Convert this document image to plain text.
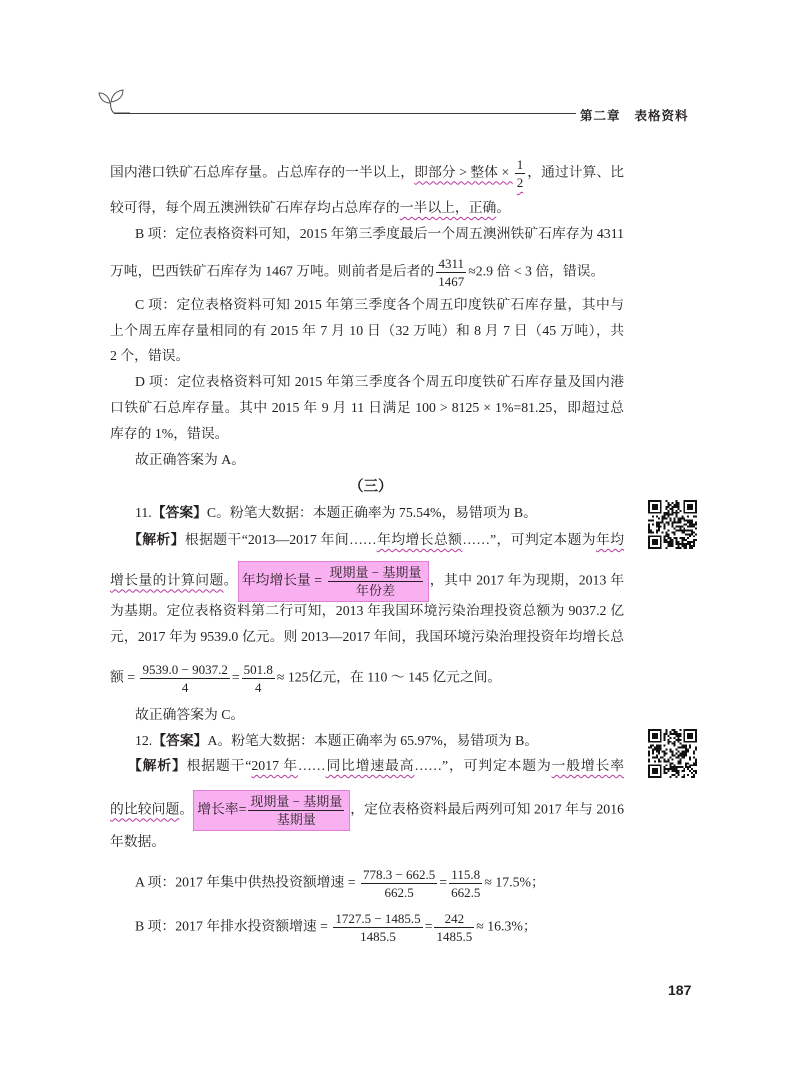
第二章 表格资料
国内港口铁矿石总库存量。占总库存的一半以上，即部分 > 整体 × $\frac{1}{2}$ ，通过计算、比
较可得，每个周五澳洲铁矿石库存均占总库存的一半以上，正确。
B 项：定位表格资料可知，2015 年第三季度最后一个周五澳洲铁矿石库存为 4311
万吨，巴西铁矿石库存为 1467 万吨。则前者是后者的 $\frac{4311}{1467} \approx 2.9$ 倍 < 3 倍，错误。
C 项：定位表格资料可知 2015 年第三季度各个周五印度铁矿石库存量，其中与
上个周五库存量相同的有 2015 年 7 月 10 日（32 万吨）和 8 月 7 日（45 万吨），共
2 个，错误。
D 项：定位表格资料可知 2015 年第三季度各个周五印度铁矿石库存量及国内港
口铁矿石总库存量。其中 2015 年 9 月 11 日满足 100 > 8125 × 1%=81.25，即超过总
库存的 1%，错误。
故正确答案为 A。
（三）
11.【答案】C。粉笔大数据：本题正确率为 75.54%，易错项为 B。
【解析】根据题干“2013—2017 年间……年均增长总额……”，可判定本题为年均
增长量的计算问题。 年均增长量 = $\frac{\text{现期量 − 基期量}}{\text{年份差}}$ ，其中 2017 年为现期，2013 年
为基期。定位表格资料第二行可知，2013 年我国环境污染治理投资总额为 9037.2 亿
元，2017 年为 9539.0 亿元。则 2013—2017 年间，我国环境污染治理投资年均增长总
额 = $\frac{9539.0 - 9037.2}{4} = \frac{501.8}{4} \approx 125$亿元，在 110 ～ 145 亿元之间。
故正确答案为 C。
12.【答案】A。粉笔大数据：本题正确率为 65.97%，易错项为 B。
【解析】根据题干“2017 年……同比增速最高……”，可判定本题为一般增长率
的比较问题。 增长率= $\frac{\text{现期量 − 基期量}}{\text{基期量}}$ ，定位表格资料最后两列可知 2017 年与 2016
年数据。
A 项：2017 年集中供热投资额增速 = $\frac{778.3 - 662.5}{662.5} = \frac{115.8}{662.5} \approx 17.5\%$；
B 项：2017 年排水投资额增速 = $\frac{1727.5 - 1485.5}{1485.5} = \frac{242}{1485.5} \approx 16.3\%$；
187
